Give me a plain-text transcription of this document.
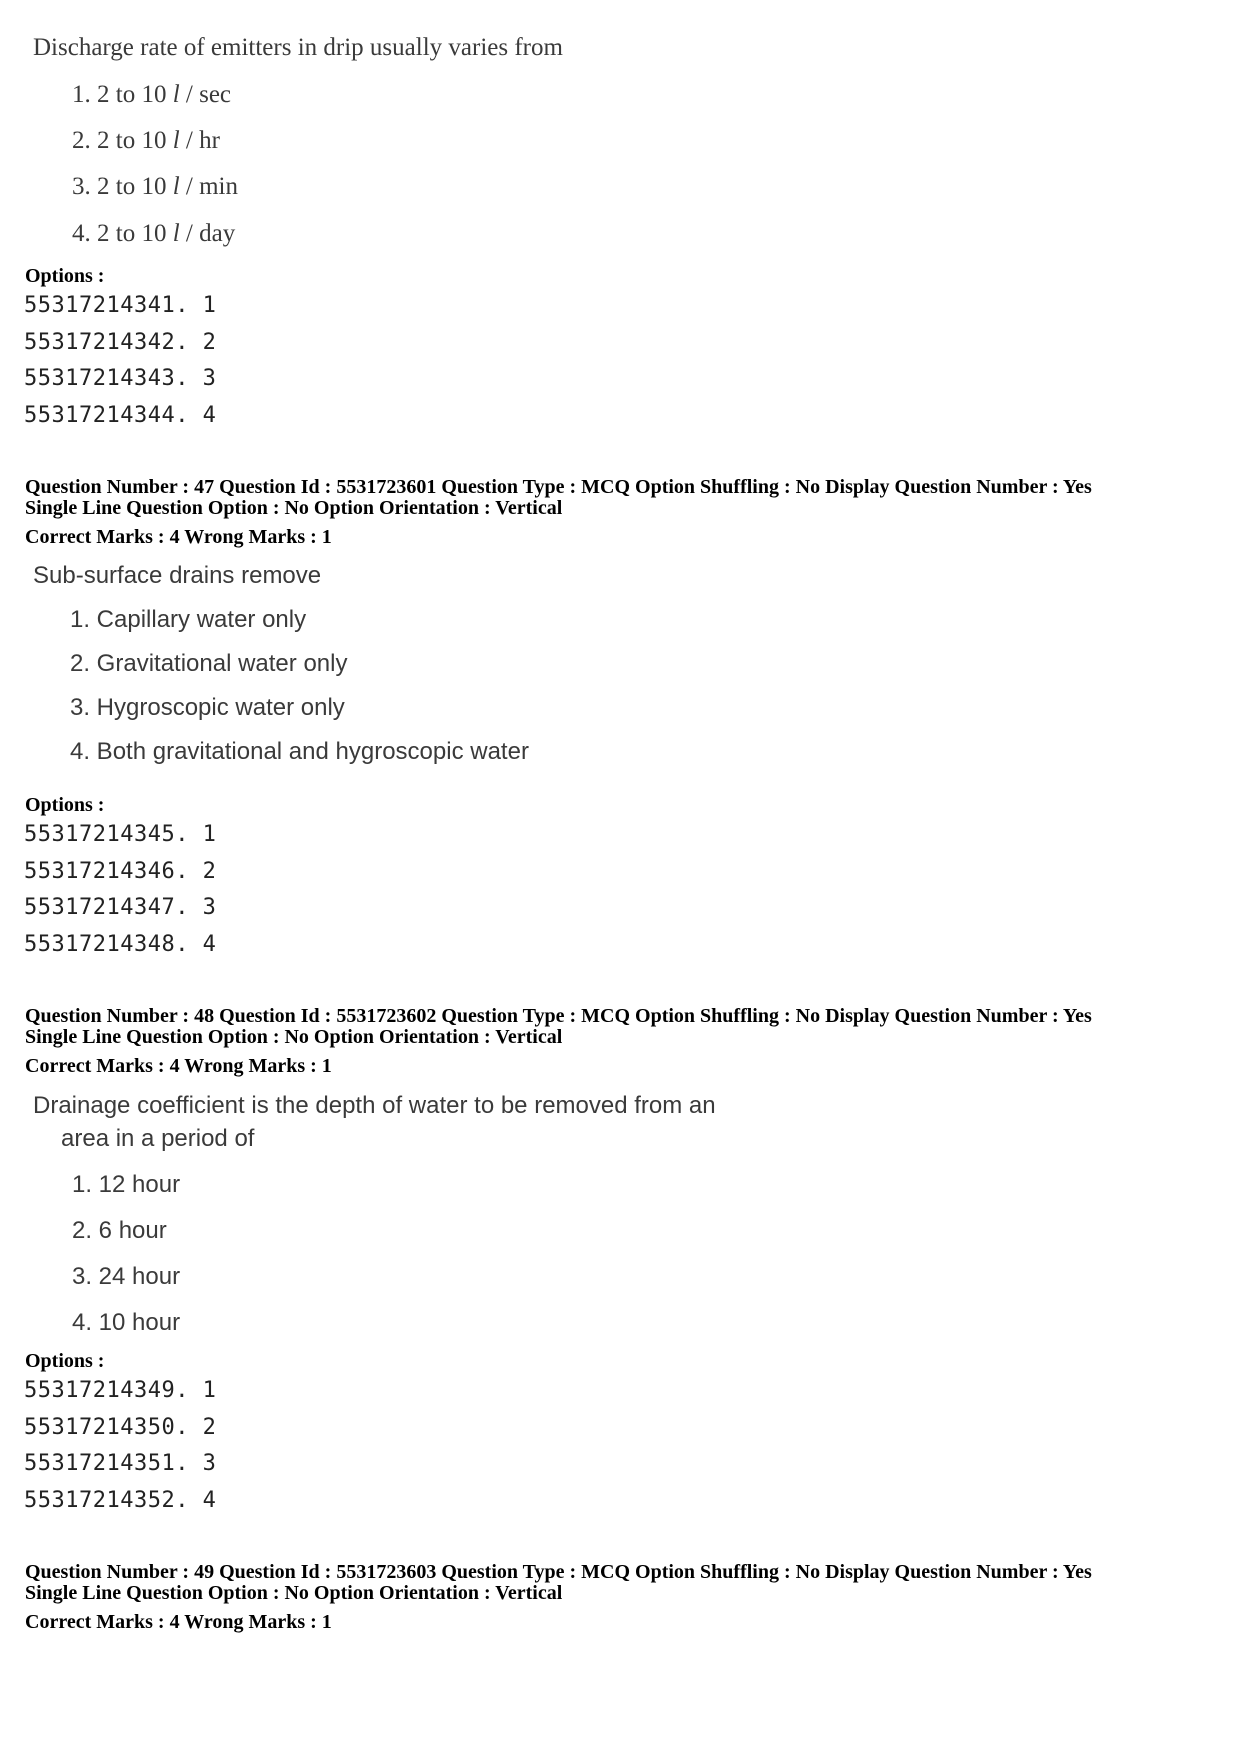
Discharge rate of emitters in drip usually varies from
1. 2 to 10 l / sec
2. 2 to 10 l / hr
3. 2 to 10 l / min
4. 2 to 10 l / day
Options :
55317214341. 1
55317214342. 2
55317214343. 3
55317214344. 4
Question Number : 47 Question Id : 5531723601 Question Type : MCQ Option Shuffling : No Display Question Number : Yes
Single Line Question Option : No Option Orientation : Vertical
Correct Marks : 4 Wrong Marks : 1
Sub-surface drains remove
1. Capillary water only
2. Gravitational water only
3. Hygroscopic water only
4. Both gravitational and hygroscopic water
Options :
55317214345. 1
55317214346. 2
55317214347. 3
55317214348. 4
Question Number : 48 Question Id : 5531723602 Question Type : MCQ Option Shuffling : No Display Question Number : Yes
Single Line Question Option : No Option Orientation : Vertical
Correct Marks : 4 Wrong Marks : 1
Drainage coefficient is the depth of water to be removed from an
area in a period of
1. 12 hour
2. 6 hour
3. 24 hour
4. 10 hour
Options :
55317214349. 1
55317214350. 2
55317214351. 3
55317214352. 4
Question Number : 49 Question Id : 5531723603 Question Type : MCQ Option Shuffling : No Display Question Number : Yes
Single Line Question Option : No Option Orientation : Vertical
Correct Marks : 4 Wrong Marks : 1
